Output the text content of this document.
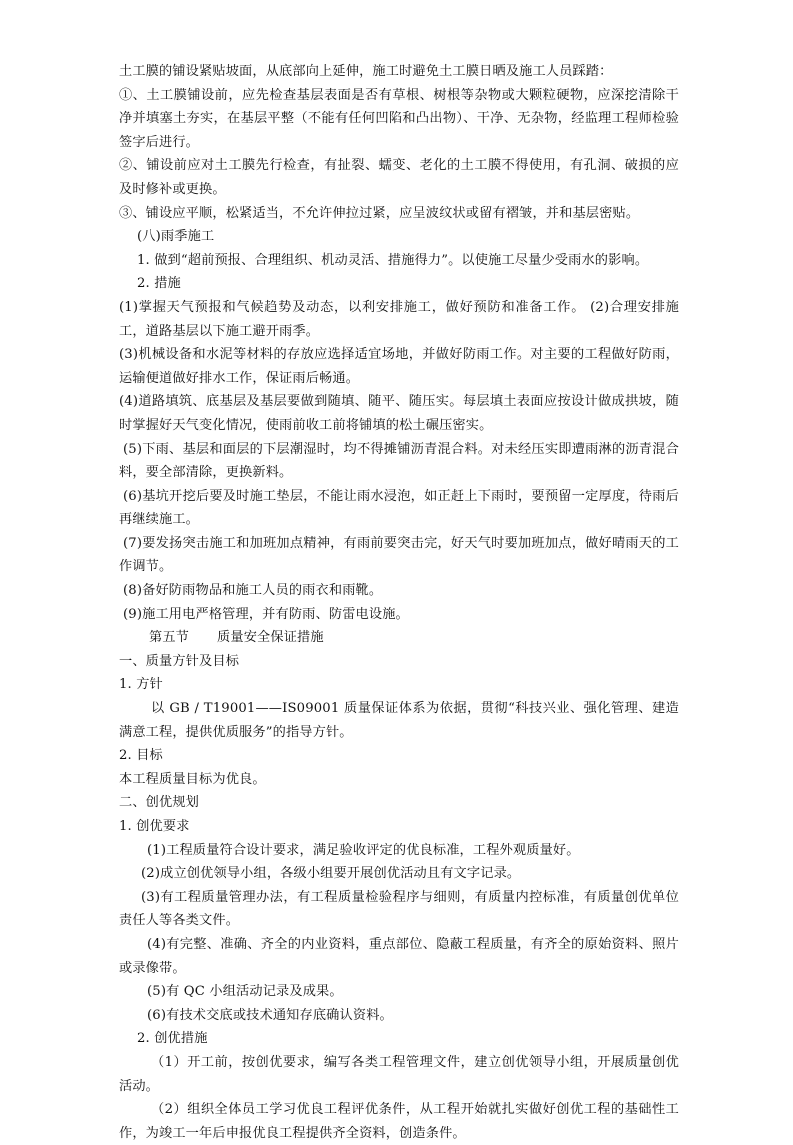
土工膜的铺设紧贴坡面，从底部向上延伸，施工时避免土工膜日晒及施工人员踩踏：

①、土工膜铺设前，应先检查基层表面是否有草根、树根等杂物或大颗粒硬物，应深挖清除干净并填塞土夯实，在基层平整（不能有任何凹陷和凸出物）、干净、无杂物，经监理工程师检验签字后进行。

②、铺设前应对土工膜先行检查，有扯裂、蠕变、老化的土工膜不得使用，有孔洞、破损的应及时修补或更换。

③、铺设应平顺，松紧适当，不允许伸拉过紧，应呈波纹状或留有褶皱，并和基层密贴。

(八)雨季施工

1. 做到“超前预报、合理组织、机动灵活、措施得力”。以使施工尽量少受雨水的影响。

2. 措施

(1)掌握天气预报和气候趋势及动态，以利安排施工，做好预防和准备工作。 (2)合理安排施工，道路基层以下施工避开雨季。

(3)机械设备和水泥等材料的存放应选择适宜场地，并做好防雨工作。对主要的工程做好防雨，运输便道做好排水工作，保证雨后畅通。

(4)道路填筑、底基层及基层要做到随填、随平、随压实。每层填土表面应按设计做成拱坡，随时掌握好天气变化情况，使雨前收工前将铺填的松土碾压密实。

(5)下雨、基层和面层的下层潮湿时，均不得摊铺沥青混合料。对未经压实即遭雨淋的沥青混合料，要全部清除，更换新料。

(6)基坑开挖后要及时施工垫层，不能让雨水浸泡，如正赶上下雨时，要预留一定厚度，待雨后再继续施工。

(7)要发扬突击施工和加班加点精神，有雨前要突击完，好天气时要加班加点，做好晴雨天的工作调节。

(8)备好防雨物品和施工人员的雨衣和雨靴。

(9)施工用电严格管理，并有防雨、防雷电设施。

第五节 质量安全保证措施

一、质量方针及目标

1. 方针

以 GB / T19001——IS09001 质量保证体系为依据，贯彻“科技兴业、强化管理、建造满意工程，提供优质服务”的指导方针。

2. 目标

本工程质量目标为优良。

二、创优规划

1. 创优要求

(1)工程质量符合设计要求，满足验收评定的优良标准，工程外观质量好。

(2)成立创优领导小组，各级小组要开展创优活动且有文字记录。

(3)有工程质量管理办法，有工程质量检验程序与细则，有质量内控标准，有质量创优单位责任人等各类文件。

(4)有完整、准确、齐全的内业资料，重点部位、隐蔽工程质量，有齐全的原始资料、照片或录像带。

(5)有 QC 小组活动记录及成果。

(6)有技术交底或技术通知存底确认资料。

2. 创优措施

（1）开工前，按创优要求，编写各类工程管理文件，建立创优领导小组，开展质量创优活动。

（2）组织全体员工学习优良工程评优条件，从工程开始就扎实做好创优工程的基础性工作，为竣工一年后申报优良工程提供齐全资料，创造条件。
